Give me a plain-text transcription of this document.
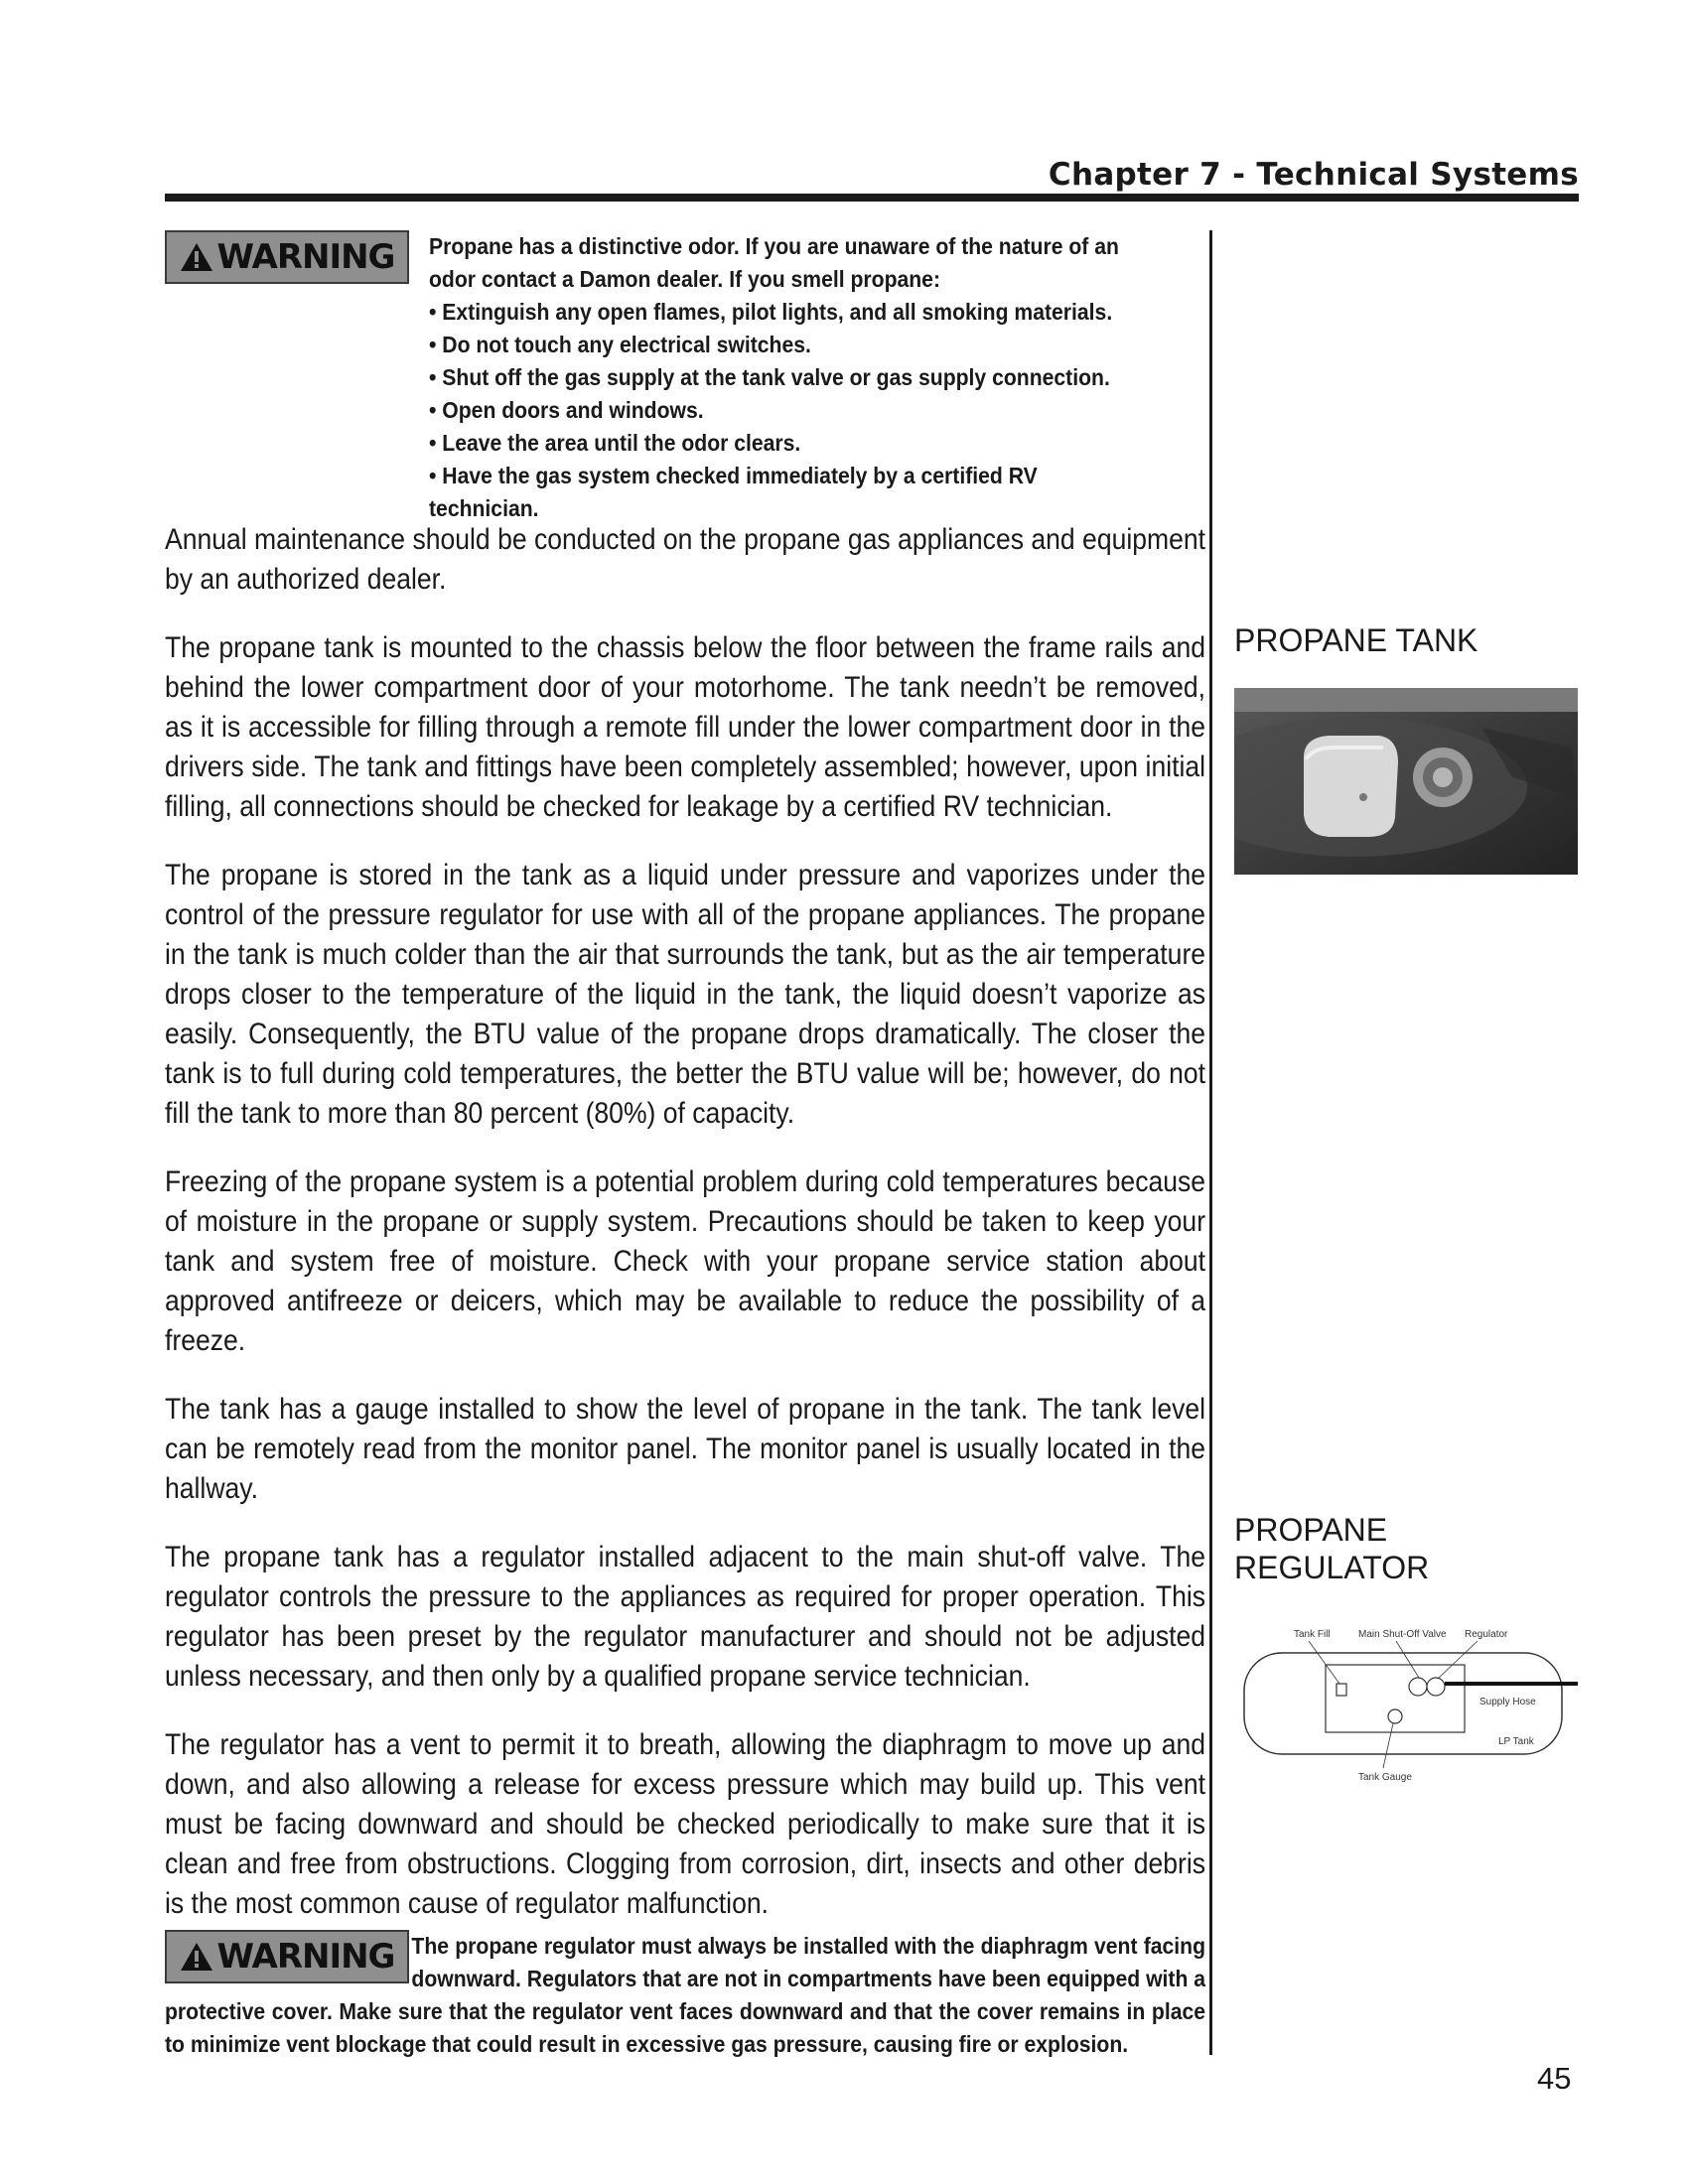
Chapter 7 - Technical Systems
WARNING Propane has a distinctive odor. If you are unaware of the nature of an

odor contact a Damon dealer. If you smell propane:

• Extinguish any open flames, pilot lights, and all smoking materials.

• Do not touch any electrical switches.

• Shut off the gas supply at the tank valve or gas supply connection.

• Open doors and windows.

• Leave the area until the odor clears.

• Have the gas system checked immediately by a certified RV technician.

Annual maintenance should be conducted on the propane gas appliances and equipment by an authorized dealer.

The propane tank is mounted to the chassis below the floor between the frame rails and behind the lower compartment door of your motorhome. The tank needn’t be removed, as it is accessible for filling through a remote fill under the lower compartment door in the drivers side. The tank and fittings have been completely assembled; however, upon initial filling, all connections should be checked for leakage by a certified RV technician.

The propane is stored in the tank as a liquid under pressure and vaporizes under the control of the pressure regulator for use with all of the propane appliances. The propane in the tank is much colder than the air that surrounds the tank, but as the air temperature drops closer to the temperature of the liquid in the tank, the liquid doesn’t vaporize as easily. Consequently, the BTU value of the propane drops dramatically. The closer the tank is to full during cold temperatures, the better the BTU value will be; however, do not fill the tank to more than 80 percent (80%) of capacity.

Freezing of the propane system is a potential problem during cold temperatures because of moisture in the propane or supply system. Precautions should be taken to keep your tank and system free of moisture. Check with your propane service station about approved antifreeze or deicers, which may be available to reduce the possibility of a freeze.

The tank has a gauge installed to show the level of propane in the tank. The tank level can be remotely read from the monitor panel. The monitor panel is usually located in the hallway.

The propane tank has a regulator installed adjacent to the main shut-off valve. The regulator controls the pressure to the appliances as required for proper operation. This regulator has been preset by the regulator manufacturer and should not be adjusted unless necessary, and then only by a qualified propane service technician.

The regulator has a vent to permit it to breath, allowing the diaphragm to move up and down, and also allowing a release for excess pressure which may build up. This vent must be facing downward and should be checked periodically to make sure that it is clean and free from obstructions. Clogging from corrosion, dirt, insects and other debris is the most common cause of regulator malfunction.

WARNING The propane regulator must always be installed with the diaphragm vent facing downward. Regulators that are not in compartments have been equipped with a protective cover. Make sure that the regulator vent faces downward and that the cover remains in place to minimize vent blockage that could result in excessive gas pressure, causing fire or explosion.

PROPANE TANK
PROPANE
REGULATOR
Tank Fill	Main Shut-Off Valve Regulator
Supply Hose
LP Tank
Tank Gauge
45
